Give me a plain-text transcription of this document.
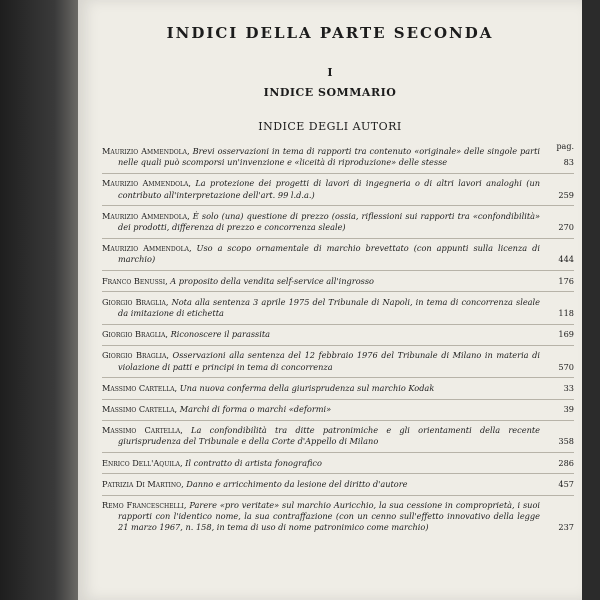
INDICI DELLA PARTE SECONDA
I
INDICE SOMMARIO
INDICE DEGLI AUTORI
pag.
Maurizio Ammendola, Brevi osservazioni in tema di rapporti tra contenuto «originale» delle singole parti nelle quali può scomporsi un'invenzione e «liceità di riproduzione» delle stesse	83
Maurizio Ammendola, La protezione dei progetti di lavori di ingegneria o di altri lavori analoghi (un contributo all'interpretazione dell'art. 99 l.d.a.)	259
Maurizio Ammendola, È solo (una) questione di prezzo (ossia, riflessioni sui rapporti tra «confondibilità» dei prodotti, differenza di prezzo e concorrenza sleale)	270
Maurizio Ammendola, Uso a scopo ornamentale di marchio brevettato (con appunti sulla licenza di marchio)	444
Franco Benussi, A proposito della vendita self-service all'ingrosso	176
Giorgio Braglia, Nota alla sentenza 3 aprile 1975 del Tribunale di Napoli, in tema di concorrenza sleale da imitazione di etichetta	118
Giorgio Braglia, Riconoscere il parassita	169
Giorgio Braglia, Osservazioni alla sentenza del 12 febbraio 1976 del Tribunale di Milano in materia di violazione di patti e principi in tema di concorrenza	570
Massimo Cartella, Una nuova conferma della giurisprudenza sul marchio Kodak	33
Massimo Cartella, Marchi di forma o marchi «deformi»	39
Massimo Cartella, La confondibilità tra ditte patronimiche e gli orientamenti della recente giurisprudenza del Tribunale e della Corte d'Appello di Milano	358
Enrico Dell'Aquila, Il contratto di artista fonografico	286
Patrizia Di Martino, Danno e arricchimento da lesione del diritto d'autore	457
Remo Franceschelli, Parere «pro veritate» sul marchio Auricchio, la sua cessione in comproprietà, i suoi rapporti con l'identico nome, la sua contraffazione (con un cenno sull'effetto innovativo della legge 21 marzo 1967, n. 158, in tema di uso di nome patronimico come marchio)	237
